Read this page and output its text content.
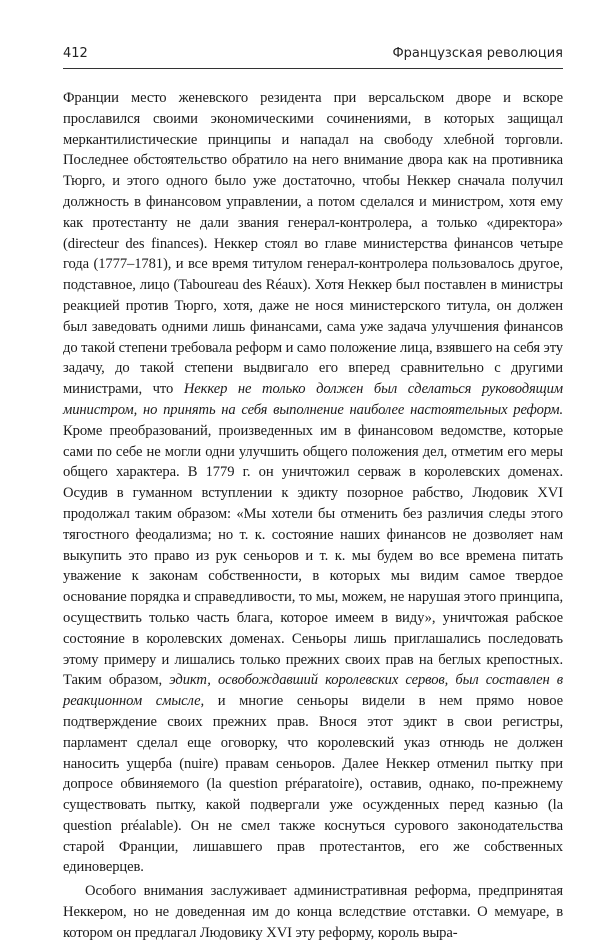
412	Французская революция

Франции место женевского резидента при версальском дворе и вскоре прославился своими экономическими сочинениями, в которых защищал меркантилистические принципы и нападал на свободу хлебной торговли. Последнее обстоятельство обратило на него внимание двора как на противника Тюрго, и этого одного было уже достаточно, чтобы Неккер сначала получил должность в финансовом управлении, а потом сделался и министром, хотя ему как протестанту не дали звания генерал-контролера, а только «директора» (directeur des finances). Неккер стоял во главе министерства финансов четыре года (1777–1781), и все время титулом генерал-контролера пользовалось другое, подставное, лицо (Taboureau des Réaux). Хотя Неккер был поставлен в министры реакцией против Тюрго, хотя, даже не нося министерского титула, он должен был заведовать одними лишь финансами, сама уже задача улучшения финансов до такой степени требовала реформ и само положение лица, взявшего на себя эту задачу, до такой степени выдвигало его вперед сравнительно с другими министрами, что Неккер не только должен был сделаться руководящим министром, но принять на себя выполнение наиболее настоятельных реформ. Кроме преобразований, произведенных им в финансовом ведомстве, которые сами по себе не могли одни улучшить общего положения дел, отметим его меры общего характера. В 1779 г. он уничтожил серваж в королевских доменах. Осудив в гуманном вступлении к эдикту позорное рабство, Людовик XVI продолжал таким образом: «Мы хотели бы отменить без различия следы этого тягостного феодализма; но т. к. состояние наших финансов не дозволяет нам выкупить это право из рук сеньоров и т. к. мы будем во все времена питать уважение к законам собственности, в которых мы видим самое твердое основание порядка и справедливости, то мы, можем, не нарушая этого принципа, осуществить только часть блага, которое имеем в виду», уничтожая рабское состояние в королевских доменах. Сеньоры лишь приглашались последовать этому примеру и лишались только прежних своих прав на беглых крепостных. Таким образом, эдикт, освобождавший королевских сервов, был составлен в реакционном смысле, и многие сеньоры видели в нем прямо новое подтверждение своих прежних прав. Внося этот эдикт в свои регистры, парламент сделал еще оговорку, что королевский указ отнюдь не должен наносить ущерба (nuire) правам сеньоров. Далее Неккер отменил пытку при допросе обвиняемого (la question préparatoire), оставив, однако, по-прежнему существовать пытку, какой подвергали уже осужденных перед казнью (la question préalable). Он не смел также коснуться сурового законодательства старой Франции, лишавшего прав протестантов, его же собственных единоверцев.

Особого внимания заслуживает административная реформа, предпринятая Неккером, но не доведенная им до конца вследствие отставки. О мемуаре, в котором он предлагал Людовику XVI эту реформу, король выра-
